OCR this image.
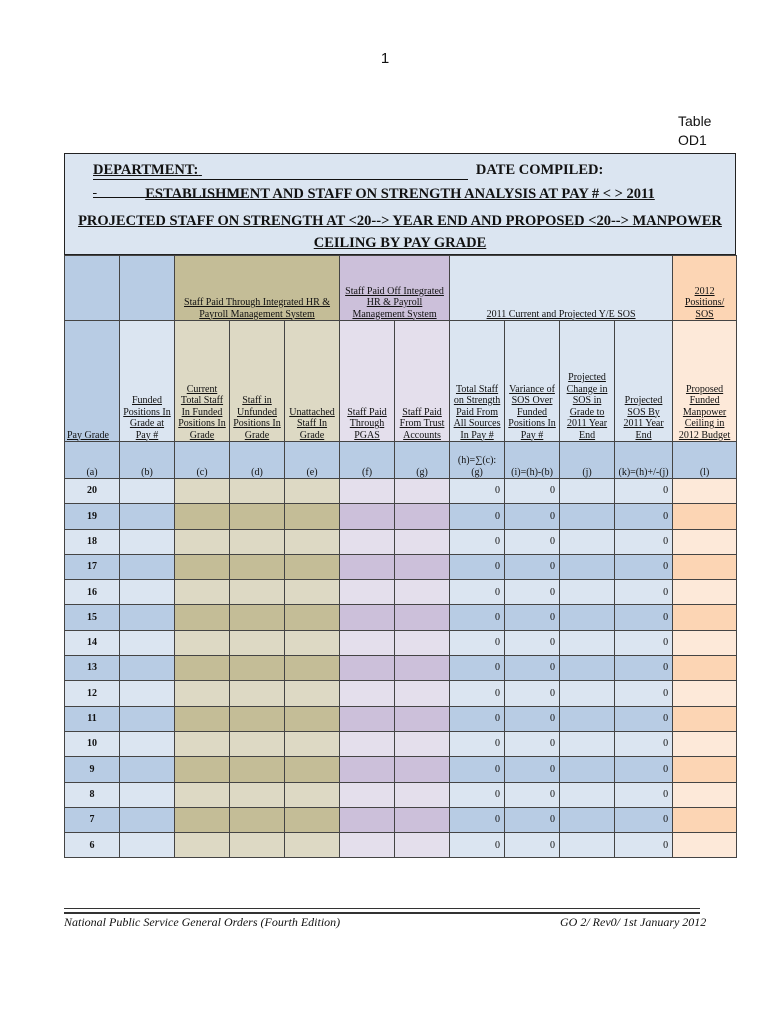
1
Table
OD1
DEPARTMENT:	DATE COMPILED:
ESTABLISHMENT AND STAFF ON STRENGTH ANALYSIS AT PAY # < > 2011
PROJECTED STAFF ON STRENGTH AT <20--> YEAR END AND PROPOSED <20--> MANPOWER CEILING BY PAY GRADE
		Staff Paid Through Integrated HR & Payroll Management System			Staff Paid Off Integrated HR & Payroll Management System		2011 Current and Projected Y/E SOS				2012 Positions/ SOS
Pay Grade	Funded Positions In Grade at Pay #	Current Total Staff In Funded Positions In Grade	Staff in Unfunded Positions In Grade	Unattached Staff In Grade	Staff Paid Through PGAS	Staff Paid From Trust Accounts	Total Staff on Strength Paid From All Sources In Pay #	Variance of SOS Over Funded Positions In Pay #	Projected Change in SOS in Grade to 2011 Year End	Projected SOS By 2011 Year End	Proposed Funded Manpower Ceiling in 2012 Budget
(a)	(b)	(c)	(d)	(e)	(f)	(g)	(h)=∑(c): (g)	(i)=(h)-(b)	(j)	(k)=(h)+/-(j)	(l)
20							0	0		0	
19							0	0		0	
18							0	0		0	
17							0	0		0	
16							0	0		0	
15							0	0		0	
14							0	0		0	
13							0	0		0	
12							0	0		0	
11							0	0		0	
10							0	0		0	
9							0	0		0	
8							0	0		0	
7							0	0		0	
6							0	0		0	
National Public Service General Orders (Fourth Edition)	GO 2/ Rev0/ 1st January 2012
